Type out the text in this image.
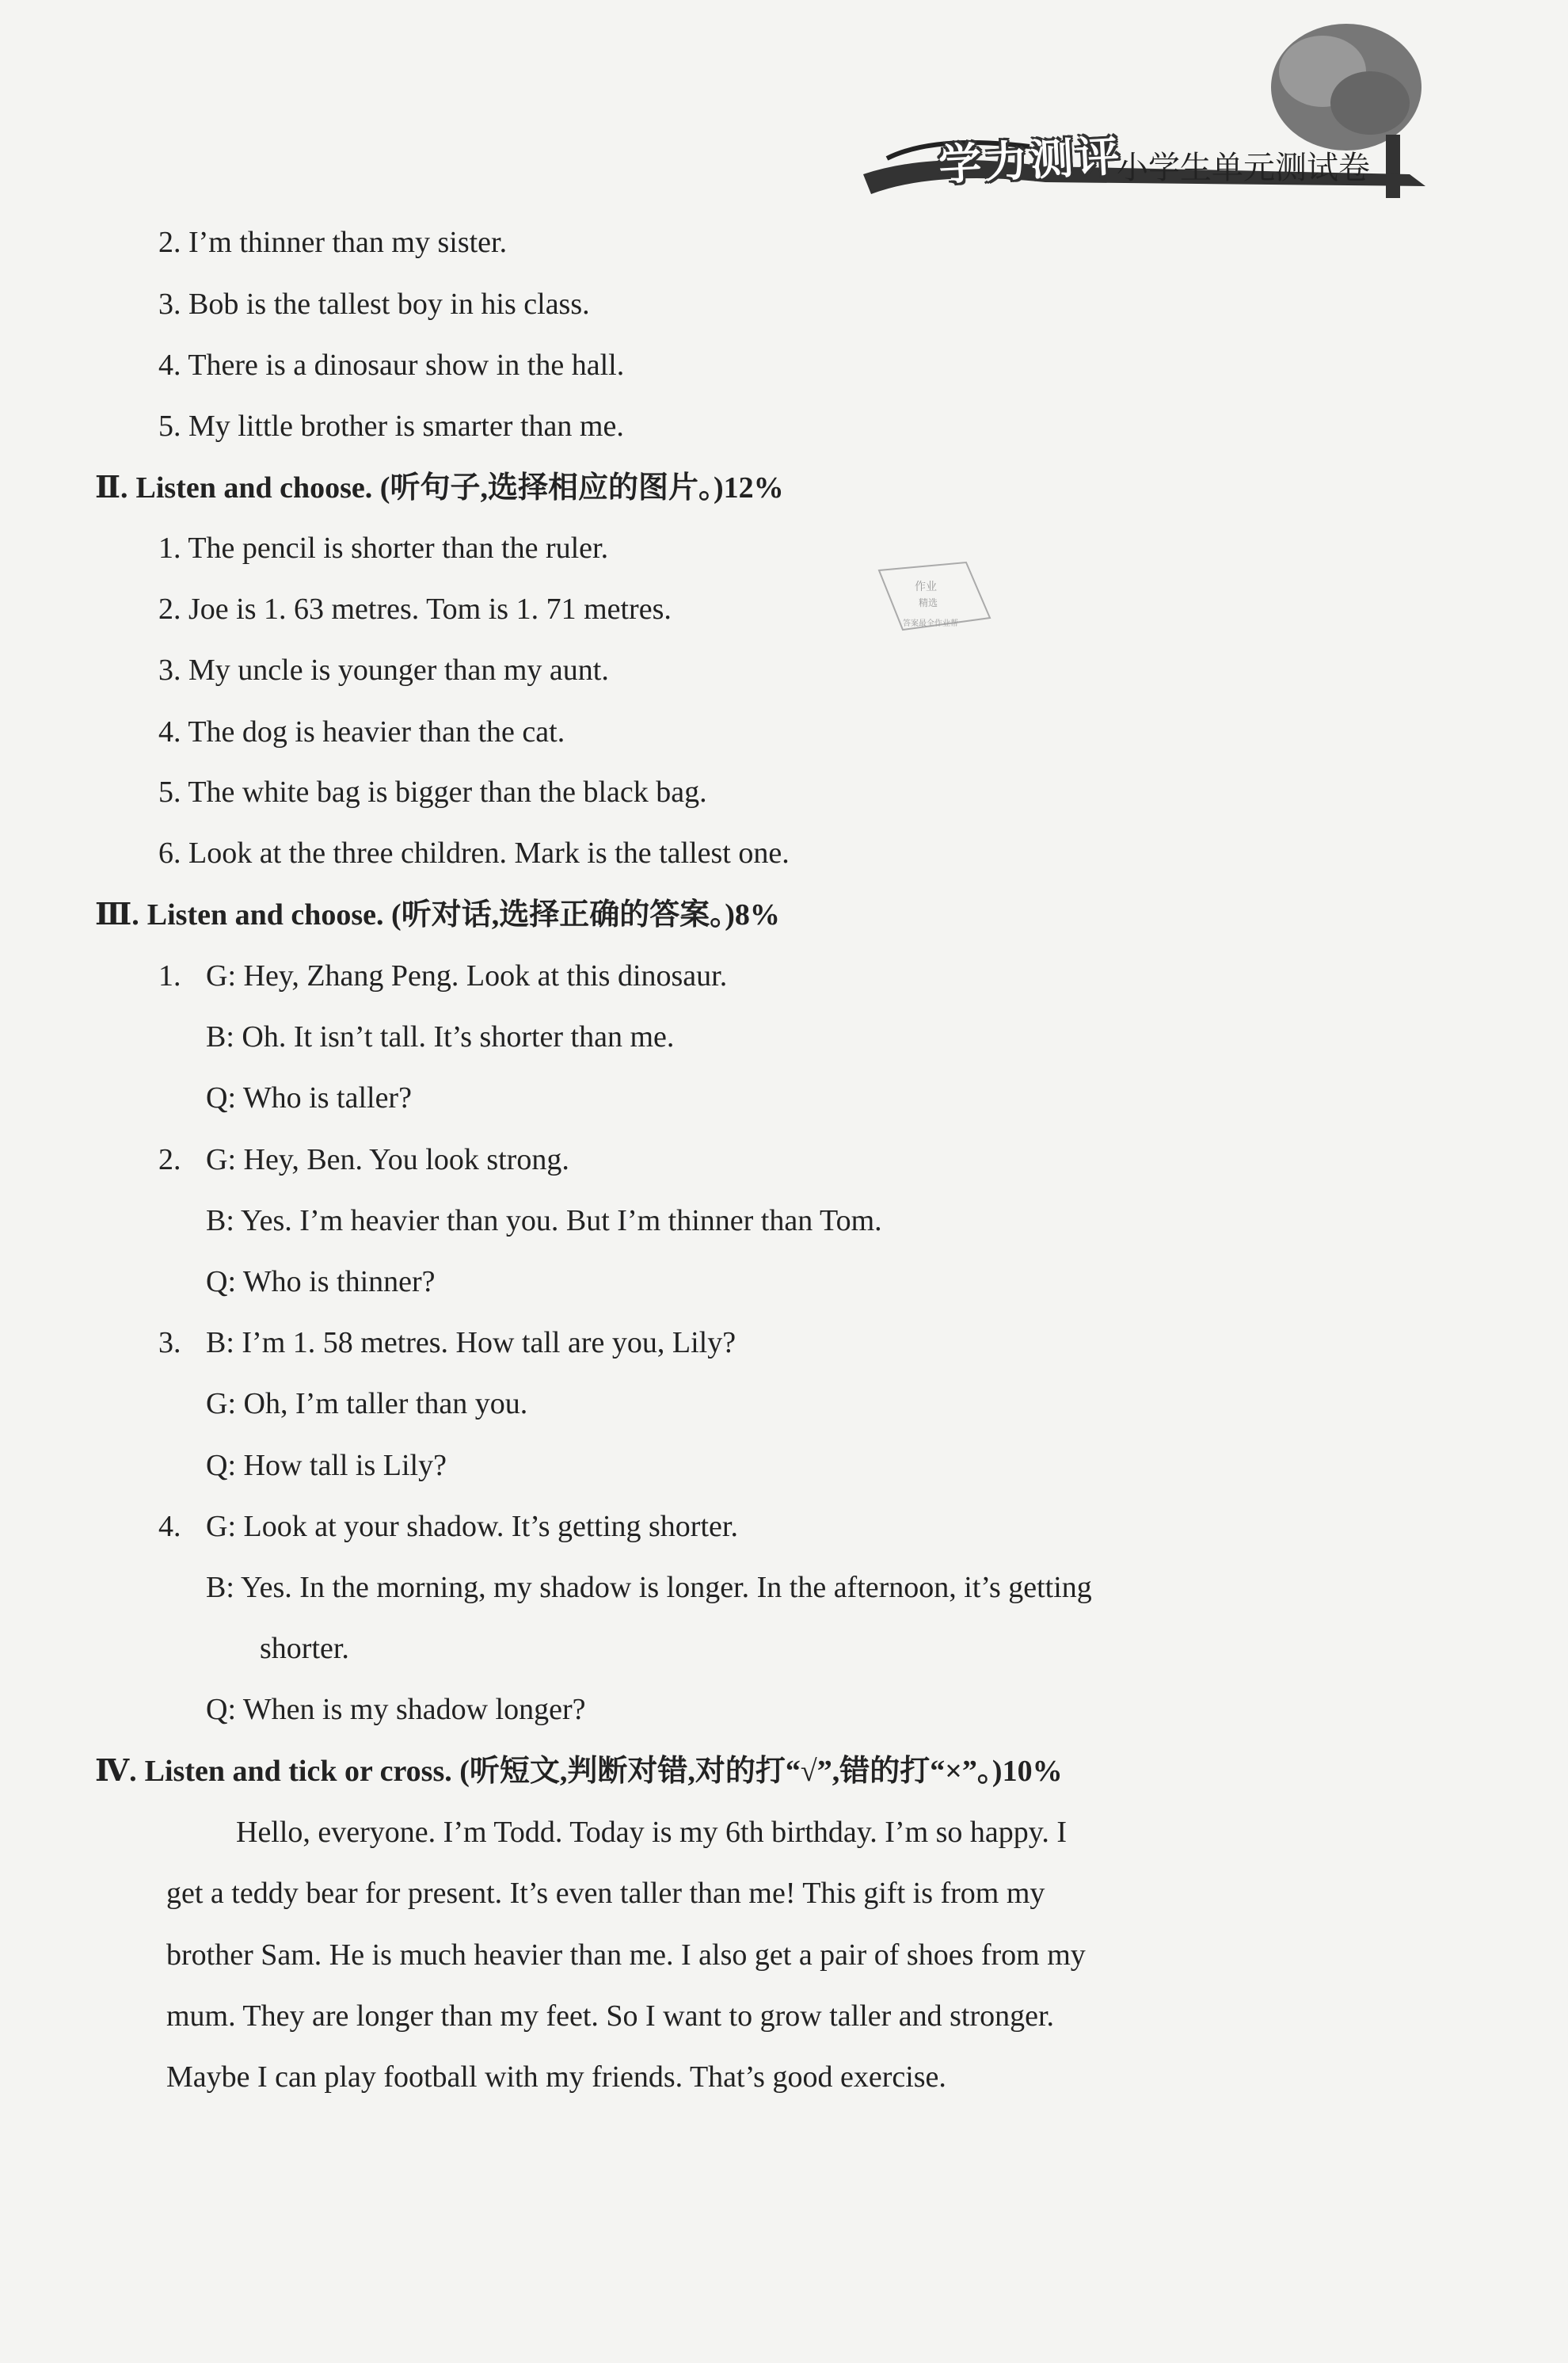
学力测评
小学生单元测试卷
2. I’m thinner than my sister.
3. Bob is the tallest boy in his class.
4. There is a dinosaur show in the hall.
5. My little brother is smarter than me.
Ⅱ. Listen and choose. (听句子,选择相应的图片。)12%
1. The pencil is shorter than the ruler.
2. Joe is 1. 63 metres. Tom is 1. 71 metres.
3. My uncle is younger than my aunt.
4. The dog is heavier than the cat.
5. The white bag is bigger than the black bag.
6. Look at the three children. Mark is the tallest one.
作业
精选
答案最全作业帮
Ⅲ. Listen and choose. (听对话,选择正确的答案。)8%
1. G: Hey, Zhang Peng. Look at this dinosaur.
B: Oh. It isn’t tall. It’s shorter than me.
Q: Who is taller?
2. G: Hey, Ben. You look strong.
B: Yes. I’m heavier than you. But I’m thinner than Tom.
Q: Who is thinner?
3. B: I’m 1. 58 metres. How tall are you, Lily?
G: Oh, I’m taller than you.
Q: How tall is Lily?
4. G: Look at your shadow. It’s getting shorter.
B: Yes. In the morning, my shadow is longer. In the afternoon, it’s getting
shorter.
Q: When is my shadow longer?
Ⅳ. Listen and tick or cross. (听短文,判断对错,对的打“√”,错的打“×”。)10%
Hello, everyone. I’m Todd. Today is my 6th birthday. I’m so happy. I
get a teddy bear for present. It’s even taller than me! This gift is from my
brother Sam. He is much heavier than me. I also get a pair of shoes from my
mum. They are longer than my feet. So I want to grow taller and stronger.
Maybe I can play football with my friends. That’s good exercise.
